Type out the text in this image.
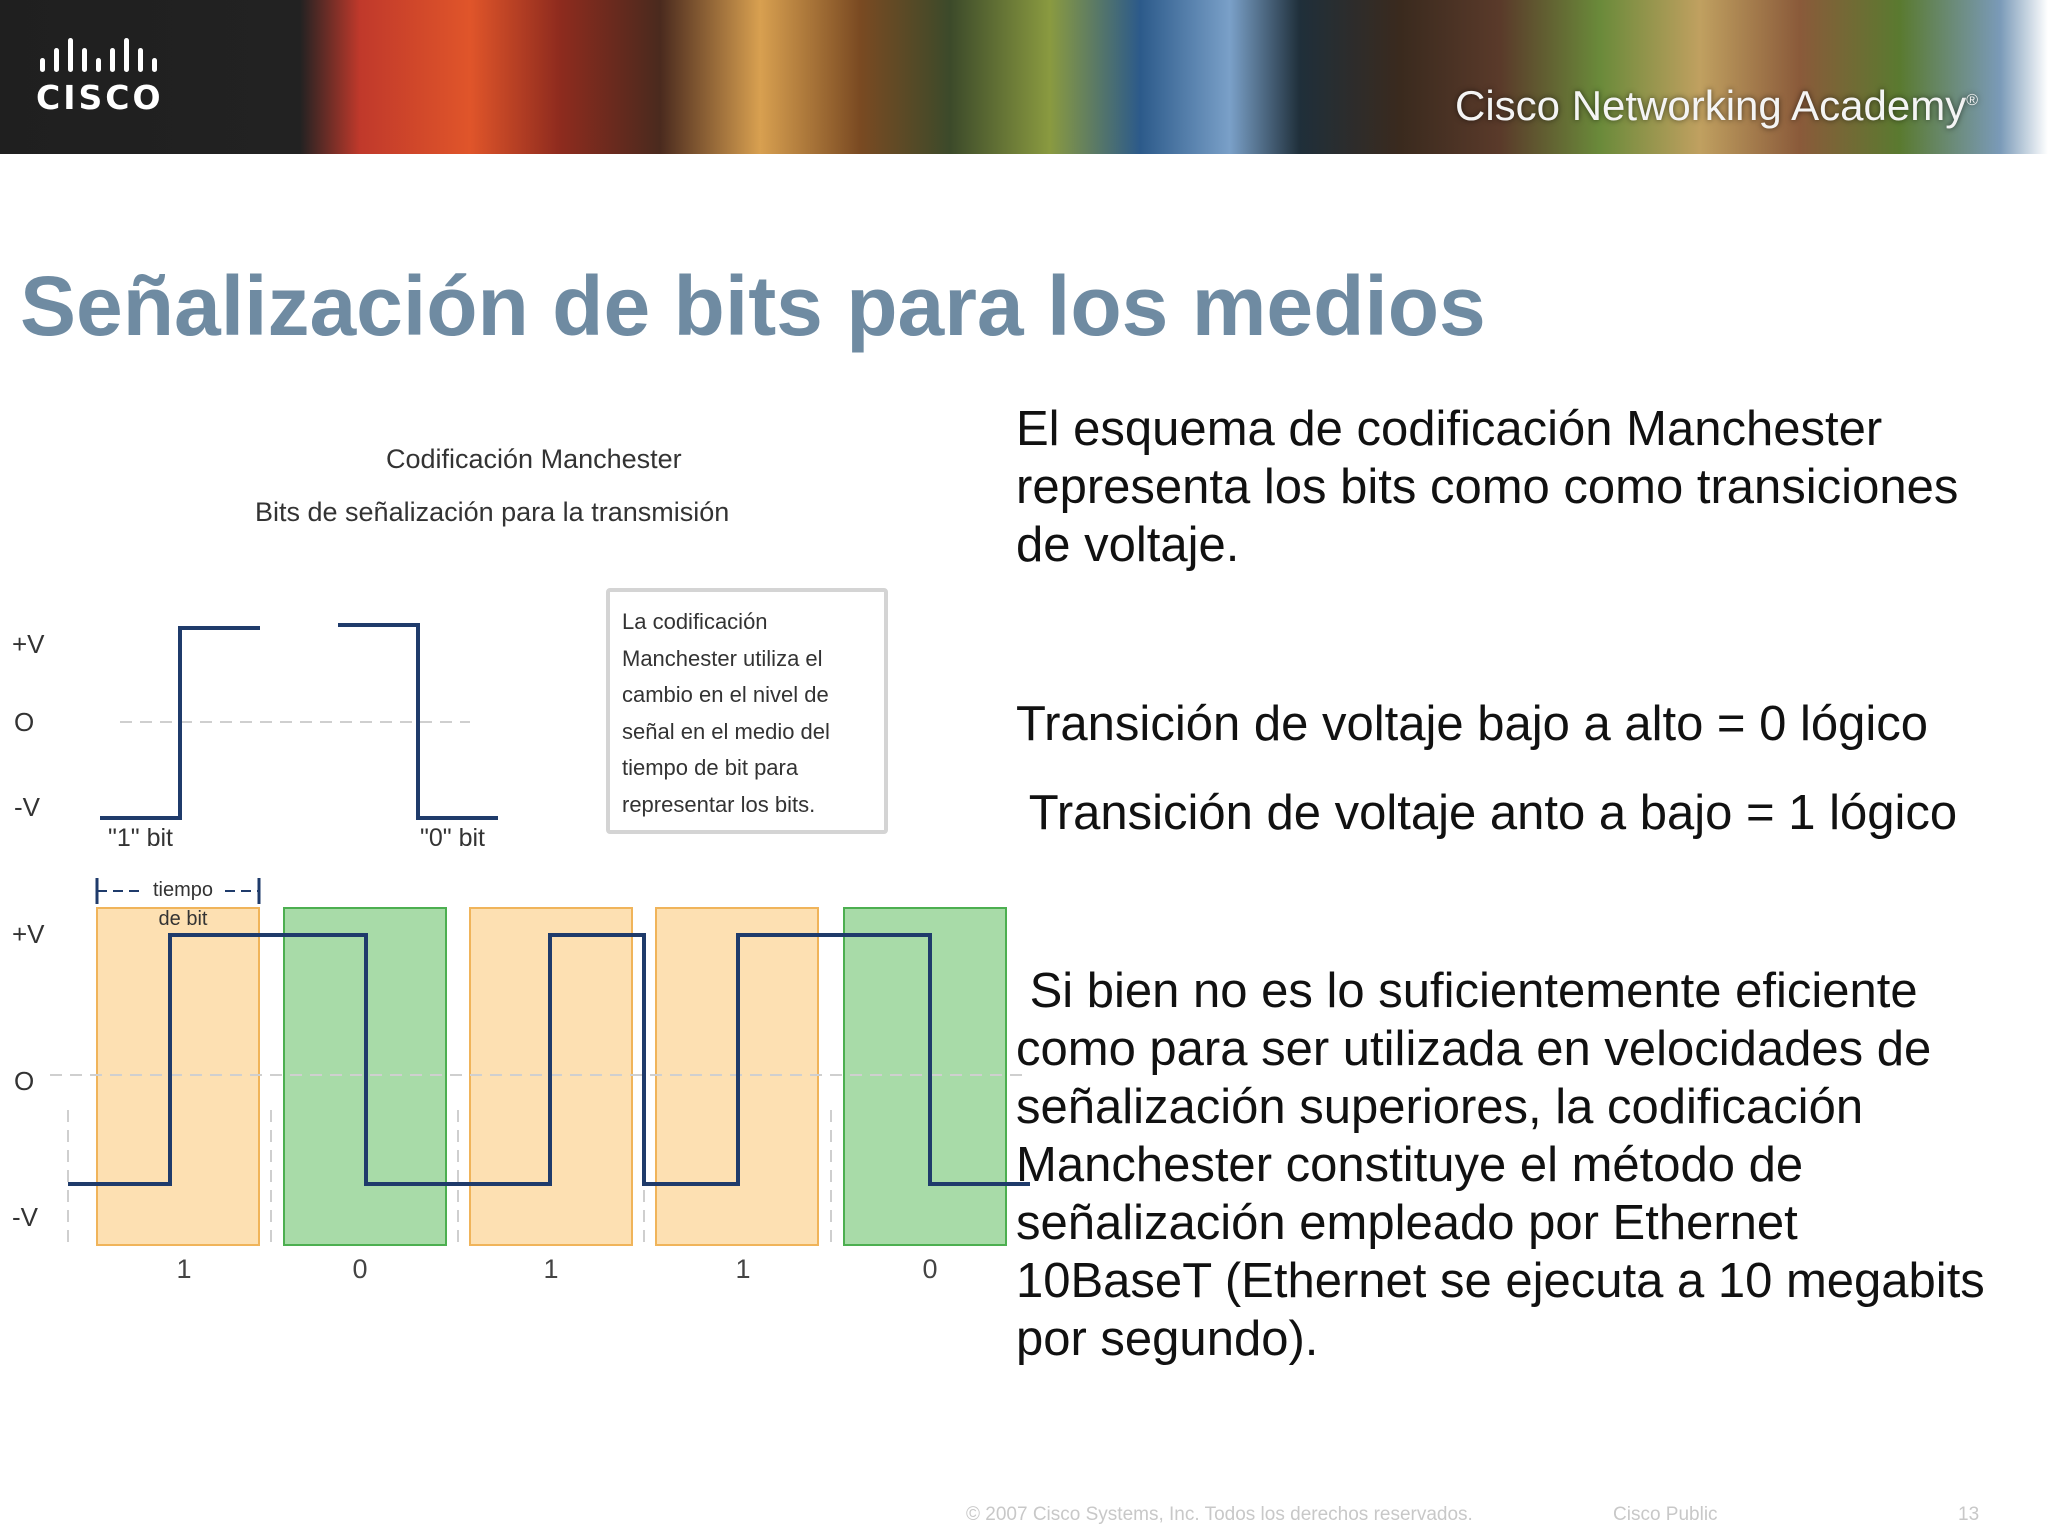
CISCO	Cisco Networking Academy®
Señalización de bits para los medios
Codificación Manchester
Bits de señalización para la transmisión
+V
O
-V
"1" bit	"0" bit
+V
O
-V
tiempo
de bit
1	0	1	1	0
La codificación
Manchester utiliza el
cambio en el nivel de
señal en el medio del
tiempo de bit para
representar los bits.
El esquema de codificación Manchester
representa los bits como como transiciones
de voltaje.
Transición de voltaje bajo a alto = 0 lógico
Transición de voltaje anto a bajo = 1 lógico
Si bien no es lo suficientemente eficiente
como para ser utilizada en velocidades de
señalización superiores, la codificación
Manchester constituye el método de
señalización empleado por Ethernet
10BaseT (Ethernet se ejecuta a 10 megabits
por segundo).
© 2007 Cisco Systems, Inc. Todos los derechos reservados.	Cisco Public	13
